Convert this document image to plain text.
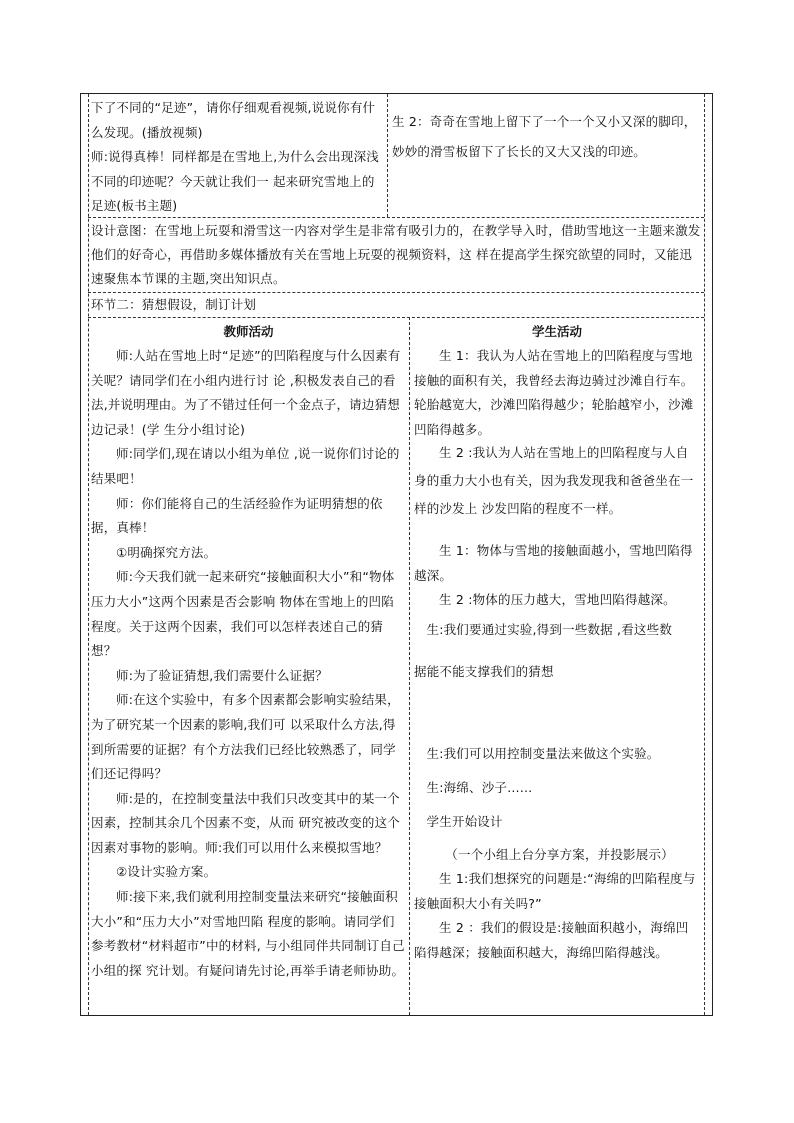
下了不同的“足迹”，请你仔细观看视频,说说你有什么发现。(播放视频)

师:说得真棒！同样都是在雪地上,为什么会出现深浅不同的印迹呢？今天就让我们一 起来研究雪地上的足迹(板书主题)

生 2：奇奇在雪地上留下了一个一个又小又深的脚印，妙妙的滑雪板留下了长长的又大又浅的印迹。

设计意图：在雪地上玩耍和滑雪这一内容对学生是非常有吸引力的，在教学导入时，借助雪地这一主题来激发他们的好奇心，再借助多媒体播放有关在雪地上玩耍的视频资料，这 样在提高学生探究欲望的同时，又能迅速聚焦本节课的主题,突出知识点。

环节二：猜想假设，制订计划

教师活动	学生活动

师:人站在雪地上时“足迹”的凹陷程度与什么因素有关呢？请同学们在小组内进行讨 论 ,积极发表自己的看法,并说明理由。为了不错过任何一个金点子，请边猜想边记录！(学 生分小组讨论)

师:同学们,现在请以小组为单位 ,说一说你们讨论的结果吧！

师：你们能将自己的生活经验作为证明猜想的依据，真棒！

①明确探究方法。

师:今天我们就一起来研究“接触面积大小”和“物体压力大小”这两个因素是否会影响 物体在雪地上的凹陷程度。关于这两个因素，我们可以怎样表述自己的猜想？

师:为了验证猜想,我们需要什么证据？

师:在这个实验中，有多个因素都会影响实验结果，为了研究某一个因素的影响,我们可 以采取什么方法,得到所需要的证据？有个方法我们已经比较熟悉了，同学们还记得吗？

师:是的，在控制变量法中我们只改变其中的某一个因素，控制其余几个因素不变，从而 研究被改变的这个因素对事物的影响。师:我们可以用什么来模拟雪地？

②设计实验方案。

师:接下来,我们就利用控制变量法来研究“接触面积大小”和“压力大小”对雪地凹陷 程度的影响。请同学们参考教材“材料超市”中的材料, 与小组同伴共同制订自己小组的探 究计划。有疑问请先讨论,再举手请老师协助。

生 1：我认为人站在雪地上的凹陷程度与雪地接触的面积有关，我曾经去海边骑过沙滩自行车。轮胎越宽大，沙滩凹陷得越少；轮胎越窄小，沙滩凹陷得越多。
生 2 :我认为人站在雪地上的凹陷程度与人自身的重力大小也有关，因为我发现我和爸爸坐在一样的沙发上 沙发凹陷的程度不一样。
生 1：物体与雪地的接触面越小，雪地凹陷得越深。
生 2 :物体的压力越大，雪地凹陷得越深。
生:我们要通过实验,得到一些数据 ,看这些数
据能不能支撑我们的猜想
生:我们可以用控制变量法来做这个实验。
生:海绵、沙子……
学生开始设计
（一个小组上台分享方案，并投影展示）
生 1:我们想探究的问题是:“海绵的凹陷程度与接触面积大小有关吗?”
生 2 ：我们的假设是:接触面积越小，海绵凹陷得越深；接触面积越大，海绵凹陷得越浅。
